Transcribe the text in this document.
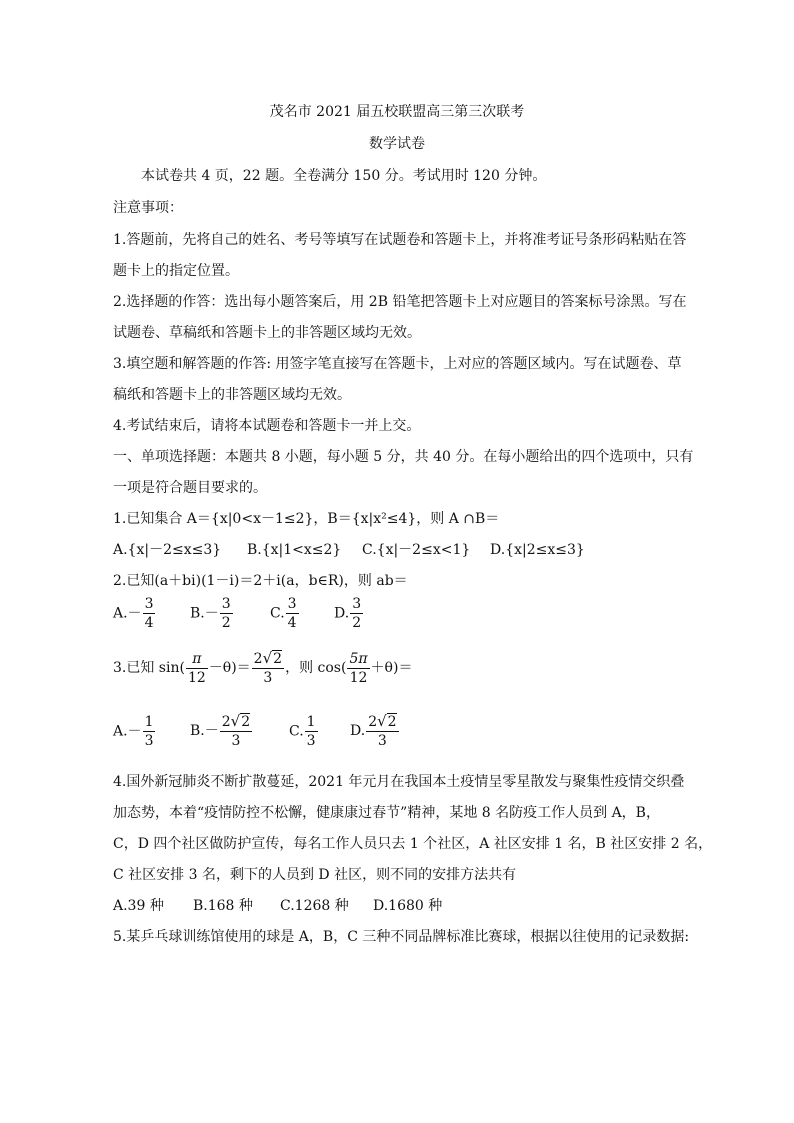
茂名市 2021 届五校联盟高三第三次联考
数学试卷
本试卷共 4 页，22 题。全卷满分 150 分。考试用时 120 分钟。
注意事项：
1.答题前，先将自己的姓名、考号等填写在试题卷和答题卡上，并将准考证号条形码粘贴在答
题卡上的指定位置。
2.选择题的作答：选出每小题答案后，用 2B 铅笔把答题卡上对应题目的答案标号涂黑。写在
试题卷、草稿纸和答题卡上的非答题区域均无效。
3.填空题和解答题的作答: 用签字笔直接写在答题卡，上对应的答题区域内。写在试题卷、草
稿纸和答题卡上的非答题区域均无效。
4.考试结束后，请将本试题卷和答题卡一并上交。
一、单项选择题：本题共 8 小题，每小题 5 分，共 40 分。在每小题给出的四个选项中，只有
一项是符合题目要求的。
1.已知集合 A＝{x|0<x－1≤2}，B＝{x|x²≤4}，则 A ∩B＝
A.{x|－2≤x≤3} B.{x|1<x≤2} C.{x|－2≤x<1} D.{x|2≤x≤3}
2.已知(a＋bi)(1－i)＝2＋i(a，b∈R)，则 ab＝
$A.- \frac{3}{4} B.- \frac{3}{2}$	C. $\frac{3}{4}$	D. $\frac{3}{2}$
3.已知 $\sin( \frac{\pi}{12} -\theta)= \frac{2√2}{3}$ ，则 $\cos( \frac{5\pi}{12} +\theta)=$
$A.- \frac{1}{3} B.- \frac{2√2}{3}$	C. $\frac{1}{3} D$. $\frac{2√2}{3}$
4.国外新冠肺炎不断扩散蔓延，2021 年元月在我国本土疫情呈零星散发与聚集性疫情交织叠
加态势，本着“疫情防控不松懈，健康康过春节”精神，某地 8 名防疫工作人员到 A，B，
C，D 四个社区做防护宣传，每名工作人员只去 1 个社区，A 社区安排 1 名，B 社区安排 2 名，
C 社区安排 3 名，剩下的人员到 D 社区，则不同的安排方法共有
A.39 种 B.168 种 C.1268 种 D.1680 种
5.某乒乓球训练馆使用的球是 A，B，C 三种不同品牌标准比赛球，根据以往使用的记录数据:
